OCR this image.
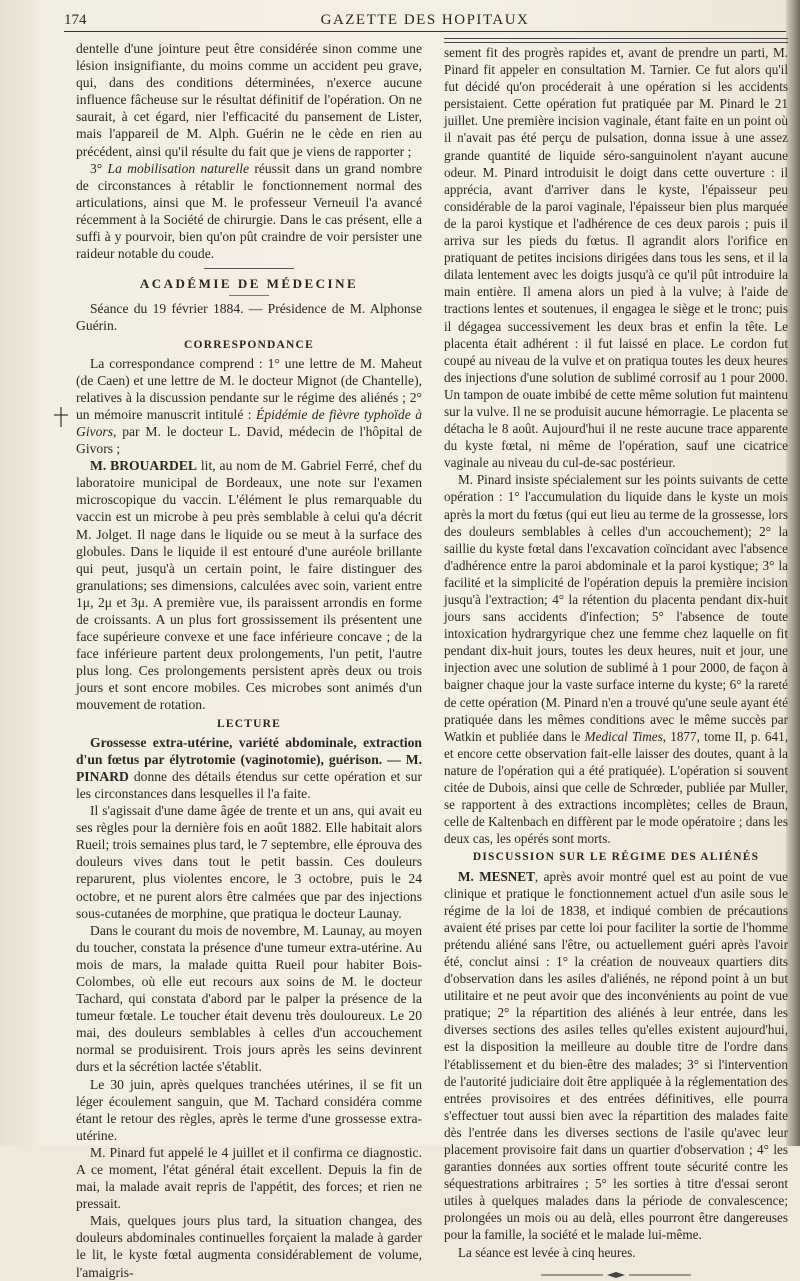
174	GAZETTE DES HOPITAUX

dentelle d'une jointure peut être considérée sinon comme une lésion insignifiante, du moins comme un accident peu grave, qui, dans des conditions déterminées, n'exerce aucune influence fâcheuse sur le résultat définitif de l'opération. On ne saurait, à cet égard, nier l'efficacité du pansement de Lister, mais l'appareil de M. Alph. Guérin ne le cède en rien au précédent, ainsi qu'il résulte du fait que je viens de rapporter ;

3° La mobilisation naturelle réussit dans un grand nombre de circonstances à rétablir le fonctionnement normal des articulations, ainsi que M. le professeur Verneuil l'a avancé récemment à la Société de chirurgie. Dans le cas présent, elle a suffi à y pourvoir, bien qu'on pût craindre de voir persister une raideur notable du coude.

ACADÉMIE DE MÉDECINE

Séance du 19 février 1884. — Présidence de M. Alphonse Guérin.

CORRESPONDANCE

La correspondance comprend : 1° une lettre de M. Maheut (de Caen) et une lettre de M. le docteur Mignot (de Chantelle), relatives à la discussion pendante sur le régime des aliénés ; 2° un mémoire manuscrit intitulé : Épidémie de fièvre typhoïde à Givors, par M. le docteur L. David, médecin de l'hôpital de Givors ;

M. BROUARDEL lit, au nom de M. Gabriel Ferré, chef du laboratoire municipal de Bordeaux, une note sur l'examen microscopique du vaccin. L'élément le plus remarquable du vaccin est un microbe à peu près semblable à celui qu'a décrit M. Jolget. Il nage dans le liquide ou se meut à la surface des globules. Dans le liquide il est entouré d'une auréole brillante qui peut, jusqu'à un certain point, le faire distinguer des granulations; ses dimensions, calculées avec soin, varient entre 1μ, 2μ et 3μ. A première vue, ils paraissent arrondis en forme de croissants. A un plus fort grossissement ils présentent une face supérieure convexe et une face inférieure concave ; de la face inférieure partent deux prolongements, l'un petit, l'autre plus long. Ces prolongements persistent après deux ou trois jours et sont encore mobiles. Ces microbes sont animés d'un mouvement de rotation.

LECTURE

Grossesse extra-utérine, variété abdominale, extraction d'un fœtus par élytrotomie (vaginotomie), guérison. — M. PINARD donne des détails étendus sur cette opération et sur les circonstances dans lesquelles il l'a faite.

Il s'agissait d'une dame âgée de trente et un ans, qui avait eu ses règles pour la dernière fois en août 1882. Elle habitait alors Rueil; trois semaines plus tard, le 7 septembre, elle éprouva des douleurs vives dans tout le petit bassin. Ces douleurs reparurent, plus violentes encore, le 3 octobre, puis le 24 octobre, et ne purent alors être calmées que par des injections sous-cutanées de morphine, que pratiqua le docteur Launay.

Dans le courant du mois de novembre, M. Launay, au moyen du toucher, constata la présence d'une tumeur extra-utérine. Au mois de mars, la malade quitta Rueil pour habiter Bois-Colombes, où elle eut recours aux soins de M. le docteur Tachard, qui constata d'abord par le palper la présence de la tumeur fœtale. Le toucher était devenu très douloureux. Le 20 mai, des douleurs semblables à celles d'un accouchement normal se produisirent. Trois jours après les seins devinrent durs et la sécrétion lactée s'établit.

Le 30 juin, après quelques tranchées utérines, il se fit un léger écoulement sanguin, que M. Tachard considéra comme étant le retour des règles, après le terme d'une grossesse extra-utérine.

M. Pinard fut appelé le 4 juillet et il confirma ce diagnostic. A ce moment, l'état général était excellent. Depuis la fin de mai, la malade avait repris de l'appétit, des forces; et rien ne pressait.

Mais, quelques jours plus tard, la situation changea, des douleurs abdominales continuelles forçaient la malade à garder le lit, le kyste fœtal augmenta considérablement de volume, l'amaigris-

sement fit des progrès rapides et, avant de prendre un parti, M. Pinard fit appeler en consultation M. Tarnier. Ce fut alors qu'il fut décidé qu'on procéderait à une opération si les accidents persistaient. Cette opération fut pratiquée par M. Pinard le 21 juillet. Une première incision vaginale, étant faite en un point où il n'avait pas été perçu de pulsation, donna issue à une assez grande quantité de liquide séro-sanguinolent n'ayant aucune odeur. M. Pinard introduisit le doigt dans cette ouverture : il apprécia, avant d'arriver dans le kyste, l'épaisseur peu considérable de la paroi vaginale, l'épaisseur bien plus marquée de la paroi kystique et l'adhérence de ces deux parois ; puis il arriva sur les pieds du fœtus. Il agrandit alors l'orifice en pratiquant de petites incisions dirigées dans tous les sens, et il la dilata lentement avec les doigts jusqu'à ce qu'il pût introduire la main entière. Il amena alors un pied à la vulve; à l'aide de tractions lentes et soutenues, il engagea le siège et le tronc; puis il dégagea successivement les deux bras et enfin la tête. Le placenta était adhérent : il fut laissé en place. Le cordon fut coupé au niveau de la vulve et on pratiqua toutes les deux heures des injections d'une solution de sublimé corrosif au 1 pour 2000. Un tampon de ouate imbibé de cette même solution fut maintenu sur la vulve. Il ne se produisit aucune hémorragie. Le placenta se détacha le 8 août. Aujourd'hui il ne reste aucune trace apparente du kyste fœtal, ni même de l'opération, sauf une cicatrice vaginale au niveau du cul-de-sac postérieur.

M. Pinard insiste spécialement sur les points suivants de cette opération : 1° l'accumulation du liquide dans le kyste un mois après la mort du fœtus (qui eut lieu au terme de la grossesse, lors des douleurs semblables à celles d'un accouchement); 2° la saillie du kyste fœtal dans l'excavation coïncidant avec l'absence d'adhérence entre la paroi abdominale et la paroi kystique; 3° la facilité et la simplicité de l'opération depuis la première incision jusqu'à l'extraction; 4° la rétention du placenta pendant dix-huit jours sans accidents d'infection; 5° l'absence de toute intoxication hydrargyrique chez une femme chez laquelle on fit pendant dix-huit jours, toutes les deux heures, nuit et jour, une injection avec une solution de sublimé à 1 pour 2000, de façon à baigner chaque jour la vaste surface interne du kyste; 6° la rareté de cette opération (M. Pinard n'en a trouvé qu'une seule ayant été pratiquée dans les mêmes conditions avec le même succès par Watkin et publiée dans le Medical Times, 1877, tome II, p. 641, et encore cette observation fait-elle laisser des doutes, quant à la nature de l'opération qui a été pratiquée). L'opération si souvent citée de Dubois, ainsi que celle de Schrœder, publiée par Muller, se rapportent à des extractions incomplètes; celles de Braun, celle de Kaltenbach en diffèrent par le mode opératoire ; dans les deux cas, les opérés sont morts.

DISCUSSION SUR LE RÉGIME DES ALIÉNÉS

M. MESNET, après avoir montré quel est au point de vue clinique et pratique le fonctionnement actuel d'un asile sous le régime de la loi de 1838, et indiqué combien de précautions avaient été prises par cette loi pour faciliter la sortie de l'homme prétendu aliéné sans l'être, ou actuellement guéri après l'avoir été, conclut ainsi : 1° la création de nouveaux quartiers dits d'observation dans les asiles d'aliénés, ne répond point à un but utilitaire et ne peut avoir que des inconvénients au point de vue pratique; 2° la répartition des aliénés à leur entrée, dans les diverses sections des asiles telles qu'elles existent aujourd'hui, est la disposition la meilleure au double titre de l'ordre dans l'établissement et du bien-être des malades; 3° si l'intervention de l'autorité judiciaire doit être appliquée à la réglementation des entrées provisoires et des entrées définitives, elle pourra s'effectuer tout aussi bien avec la répartition des malades faite dès l'entrée dans les diverses sections de l'asile qu'avec leur placement provisoire fait dans un quartier d'observation ; 4° les garanties données aux sorties offrent toute sécurité contre les séquestrations arbitraires ; 5° les sorties à titre d'essai seront utiles à quelques malades dans la période de convalescence; prolongées un mois ou au delà, elles pourront être dangereuses pour la famille, la société et le malade lui-même.

La séance est levée à cinq heures.
